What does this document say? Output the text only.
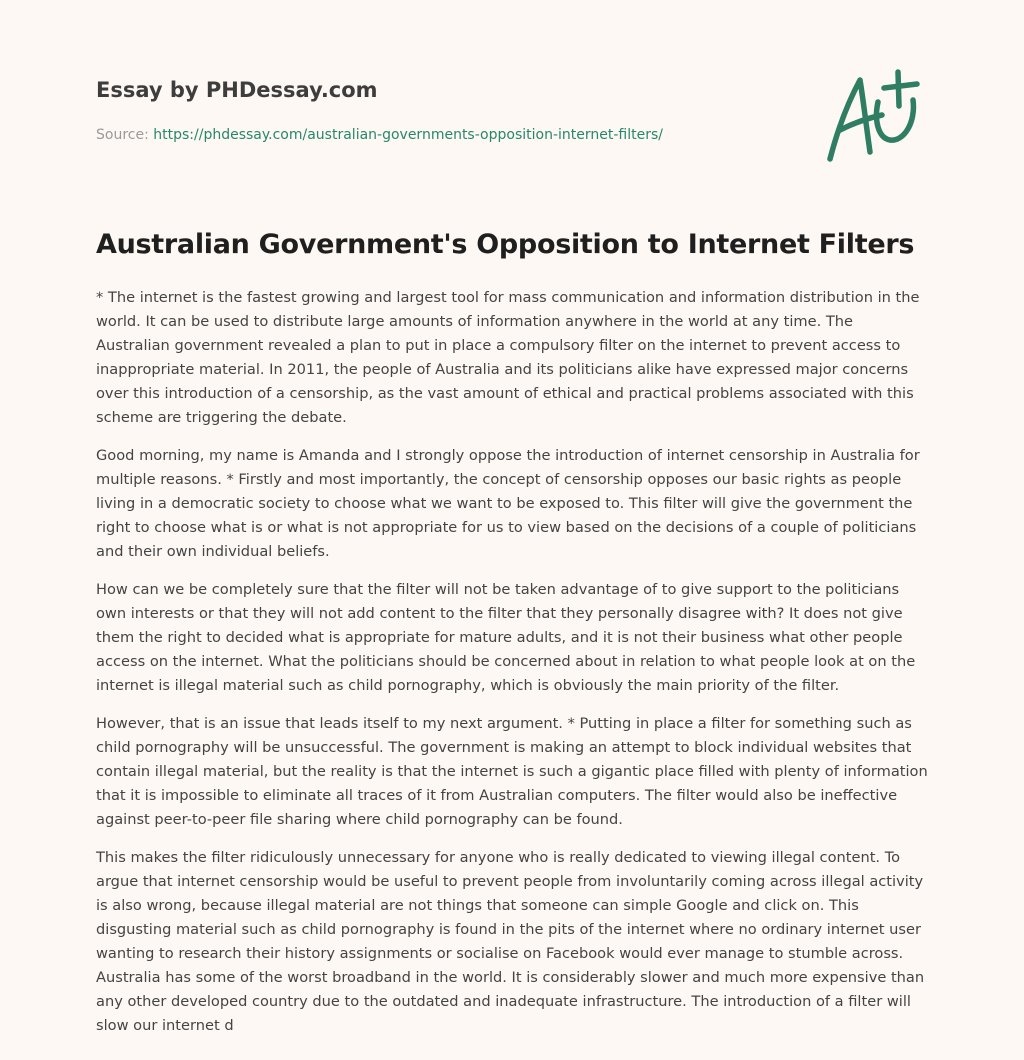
Essay by PHDessay.com
Source: https://phdessay.com/australian-governments-opposition-internet-filters/
Australian Government's Opposition to Internet Filters

* The internet is the fastest growing and largest tool for mass communication and information distribution in the world. It can be used to distribute large amounts of information anywhere in the world at any time. The Australian government revealed a plan to put in place a compulsory filter on the internet to prevent access to inappropriate material. In 2011, the people of Australia and its politicians alike have expressed major concerns over this introduction of a censorship, as the vast amount of ethical and practical problems associated with this scheme are triggering the debate.

Good morning, my name is Amanda and I strongly oppose the introduction of internet censorship in Australia for multiple reasons. * Firstly and most importantly, the concept of censorship opposes our basic rights as people living in a democratic society to choose what we want to be exposed to. This filter will give the government the right to choose what is or what is not appropriate for us to view based on the decisions of a couple of politicians and their own individual beliefs.

How can we be completely sure that the filter will not be taken advantage of to give support to the politicians own interests or that they will not add content to the filter that they personally disagree with? It does not give them the right to decided what is appropriate for mature adults, and it is not their business what other people access on the internet. What the politicians should be concerned about in relation to what people look at on the internet is illegal material such as child pornography, which is obviously the main priority of the filter.

However, that is an issue that leads itself to my next argument. * Putting in place a filter for something such as child pornography will be unsuccessful. The government is making an attempt to block individual websites that contain illegal material, but the reality is that the internet is such a gigantic place filled with plenty of information that it is impossible to eliminate all traces of it from Australian computers. The filter would also be ineffective against peer-to-peer file sharing where child pornography can be found.

This makes the filter ridiculously unnecessary for anyone who is really dedicated to viewing illegal content. To argue that internet censorship would be useful to prevent people from involuntarily coming across illegal activity is also wrong, because illegal material are not things that someone can simple Google and click on. This disgusting material such as child pornography is found in the pits of the internet where no ordinary internet user wanting to research their history assignments or socialise on Facebook would ever manage to stumble across. Australia has some of the worst broadband in the world. It is considerably slower and much more expensive than any other developed country due to the outdated and inadequate infrastructure. The introduction of a filter will slow our internet d
